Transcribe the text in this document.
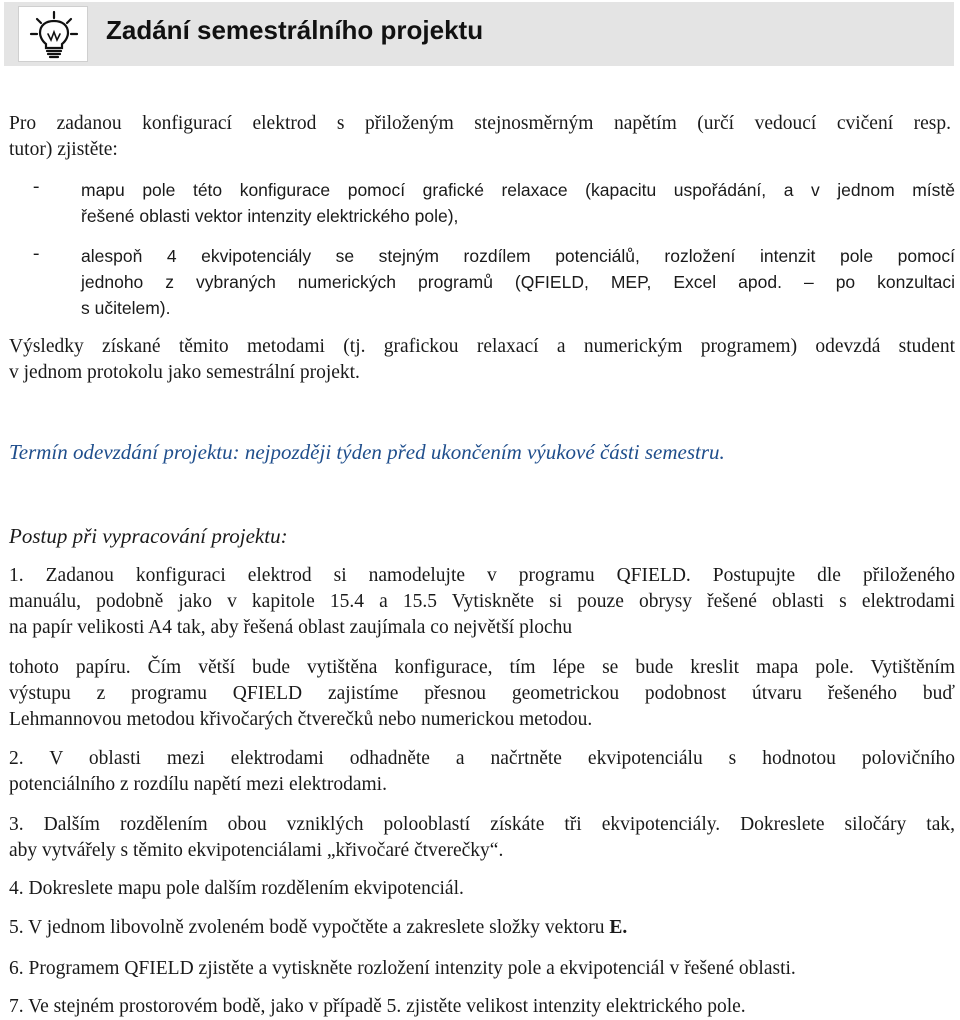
Zadání semestrálního projektu
Pro zadanou konfigurací elektrod s přiloženým stejnosměrným napětím (určí vedoucí cvičení resp.
tutor) zjistěte:
- mapu pole této konfigurace pomocí grafické relaxace (kapacitu uspořádání, a v jednom místě
řešené oblasti vektor intenzity elektrického pole),
- alespoň 4 ekvipotenciály se stejným rozdílem potenciálů, rozložení intenzit pole pomocí
jednoho z vybraných numerických programů (QFIELD, MEP, Excel apod. – po konzultaci
s učitelem).
Výsledky získané těmito metodami (tj. grafickou relaxací a numerickým programem) odevzdá student
v jednom protokolu jako semestrální projekt.
Termín odevzdání projektu: nejpozději týden před ukončením výukové části semestru.
Postup při vypracování projektu:
1. Zadanou konfiguraci elektrod si namodelujte v programu QFIELD. Postupujte dle přiloženého
manuálu, podobně jako v kapitole 15.4 a 15.5 Vytiskněte si pouze obrysy řešené oblasti s elektrodami
na papír velikosti A4 tak, aby řešená oblast zaujímala co největší plochu
tohoto papíru. Čím větší bude vytištěna konfigurace, tím lépe se bude kreslit mapa pole. Vytištěním
výstupu z programu QFIELD zajistíme přesnou geometrickou podobnost útvaru řešeného buď
Lehmannovou metodou křivočarých čtverečků nebo numerickou metodou.
2. V oblasti mezi elektrodami odhadněte a načrtněte ekvipotenciálu s hodnotou polovičního
potenciálního z rozdílu napětí mezi elektrodami.
3. Dalším rozdělením obou vzniklých polooblastí získáte tři ekvipotenciály. Dokreslete siločáry tak,
aby vytvářely s těmito ekvipotenciálami „křivočaré čtverečky“.
4. Dokreslete mapu pole dalším rozdělením ekvipotenciál.
5. V jednom libovolně zvoleném bodě vypočtěte a zakreslete složky vektoru E.
6. Programem QFIELD zjistěte a vytiskněte rozložení intenzity pole a ekvipotenciál v řešené oblasti.
7. Ve stejném prostorovém bodě, jako v případě 5. zjistěte velikost intenzity elektrického pole.
